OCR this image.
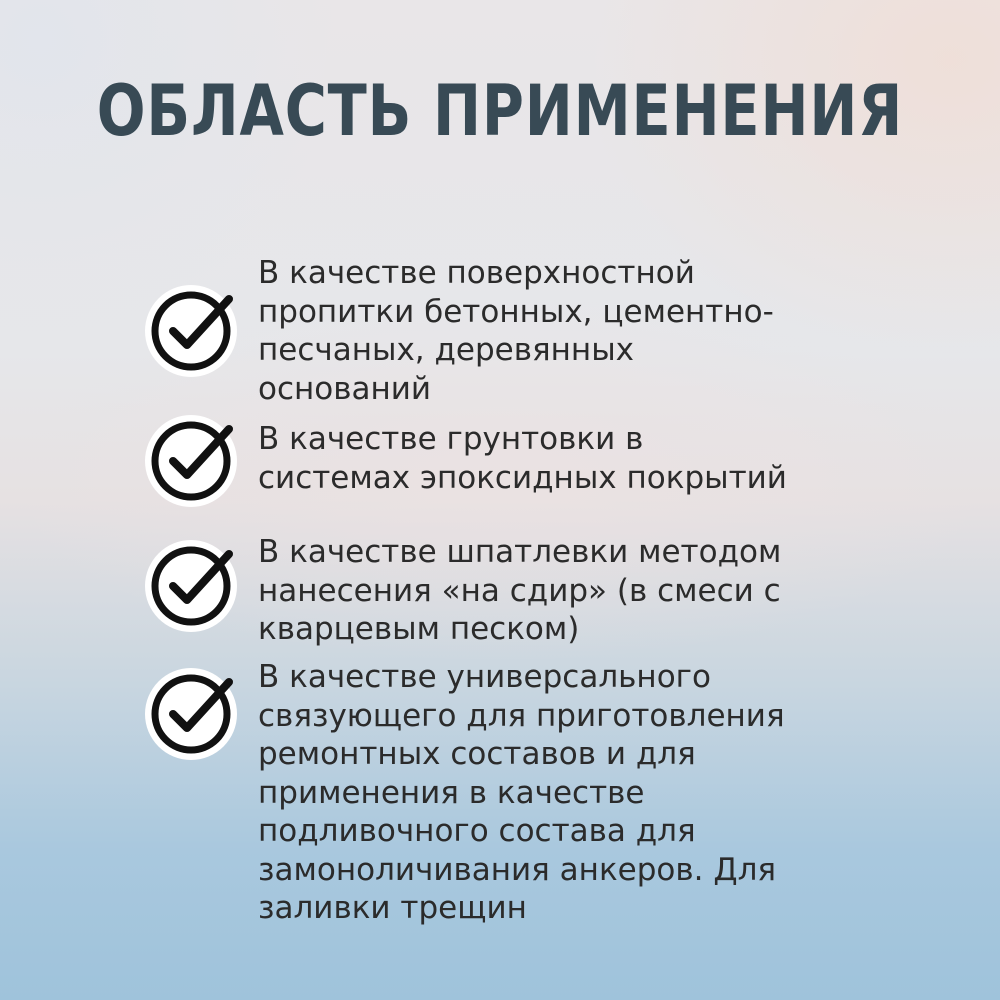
ОБЛАСТЬ ПРИМЕНЕНИЯ
В качестве поверхностной
пропитки бетонных, цементно-
песчаных, деревянных
оснований
В качестве грунтовки в
системах эпоксидных покрытий
В качестве шпатлевки методом
нанесения «на сдир» (в смеси с
кварцевым песком)
В качестве универсального
связующего для приготовления
ремонтных составов и для
применения в качестве
подливочного состава для
замоноличивания анкеров. Для
заливки трещин
